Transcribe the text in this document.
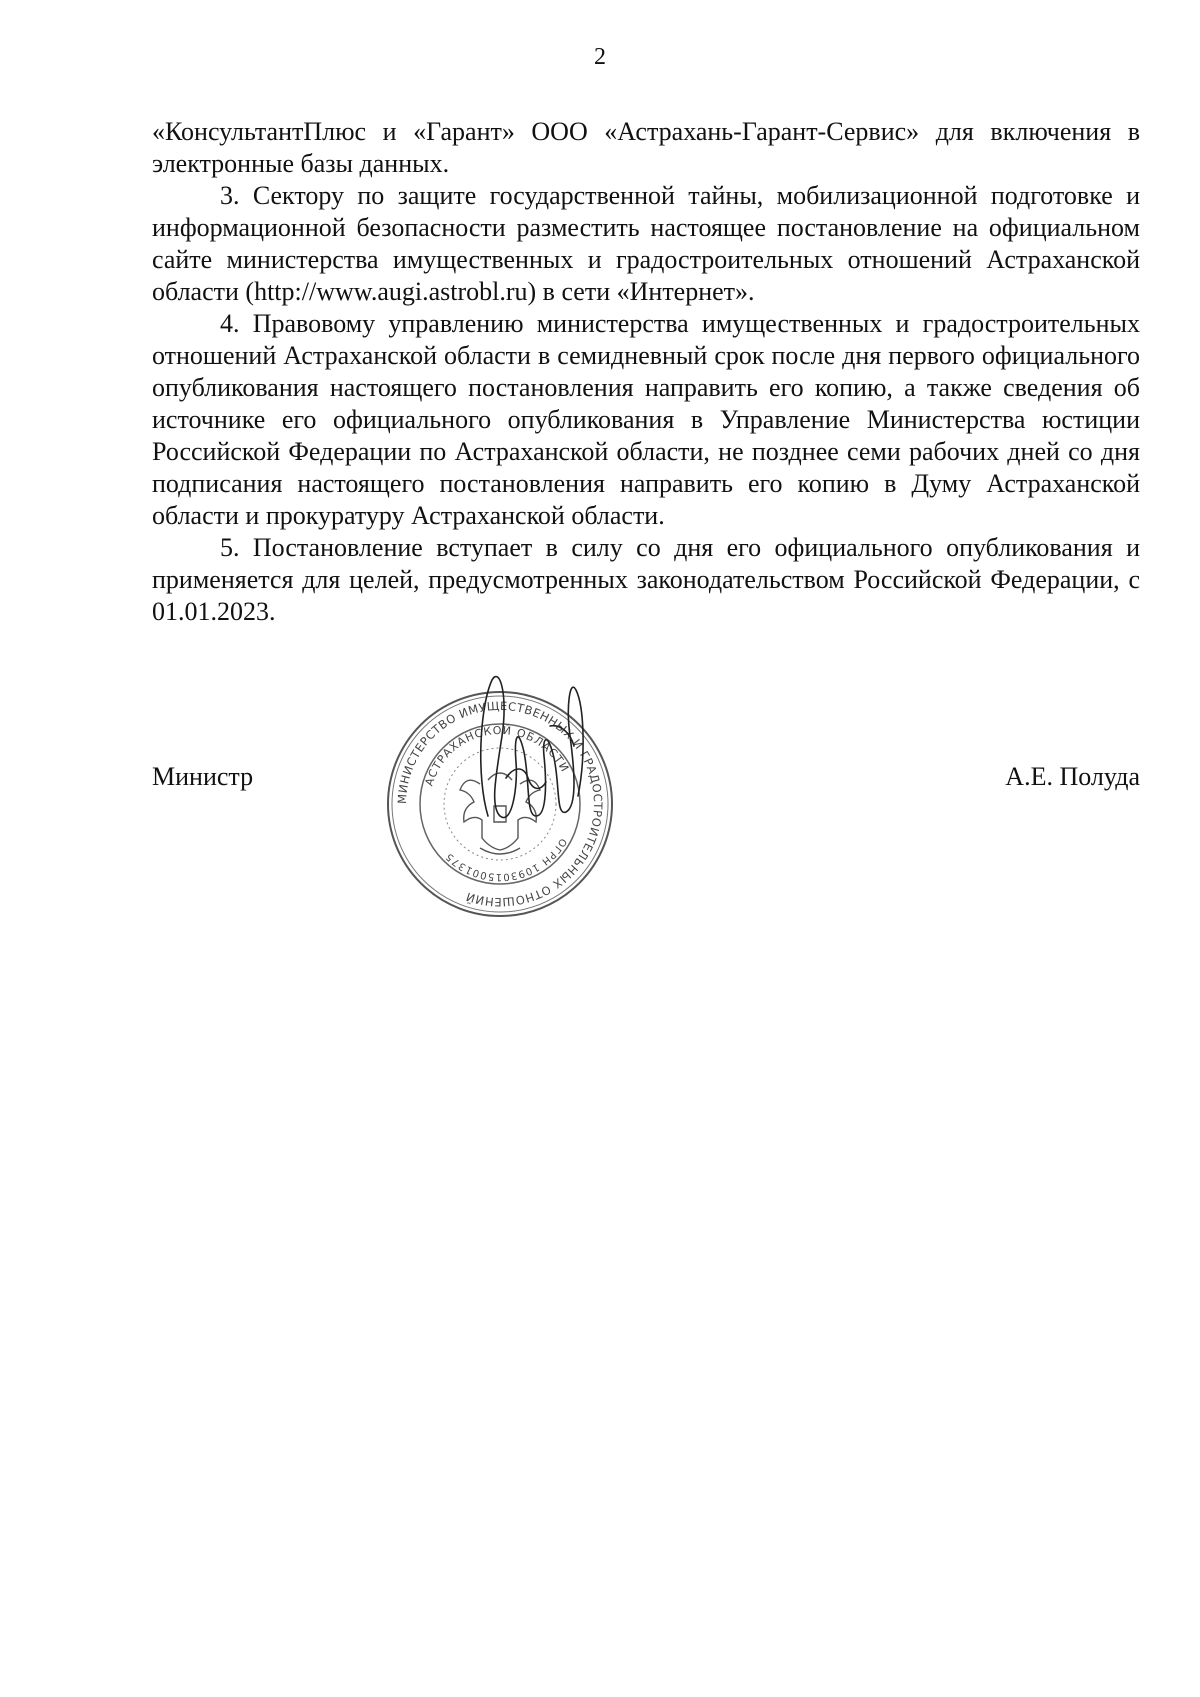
2

«КонсультантПлюс и «Гарант» ООО «Астрахань-Гарант-Сервис» для включения в электронные базы данных.

3. Сектору по защите государственной тайны, мобилизационной подготовке и информационной безопасности разместить настоящее постановление на официальном сайте министерства имущественных и градостроительных отношений Астраханской области (http://www.augi.astrobl.ru) в сети «Интернет».

4. Правовому управлению министерства имущественных и градостроительных отношений Астраханской области в семидневный срок после дня первого официального опубликования настоящего постановления направить его копию, а также сведения об источнике его официального опубликования в Управление Министерства юстиции Российской Федерации по Астраханской области, не позднее семи рабочих дней со дня подписания настоящего постановления направить его копию в Думу Астраханской области и прокуратуру Астраханской области.

5. Постановление вступает в силу со дня его официального опубликования и применяется для целей, предусмотренных законодательством Российской Федерации, с 01.01.2023.

Министр
МИНИСТЕРСТВО ИМУЩЕСТВЕННЫХ И ГРАДОСТРОИТЕЛЬНЫХ ОТНОШЕНИЙ
АСТРАХАНСКОЙ ОБЛАСТИ
ОГРН 1093015001375
А.Е. Полуда
